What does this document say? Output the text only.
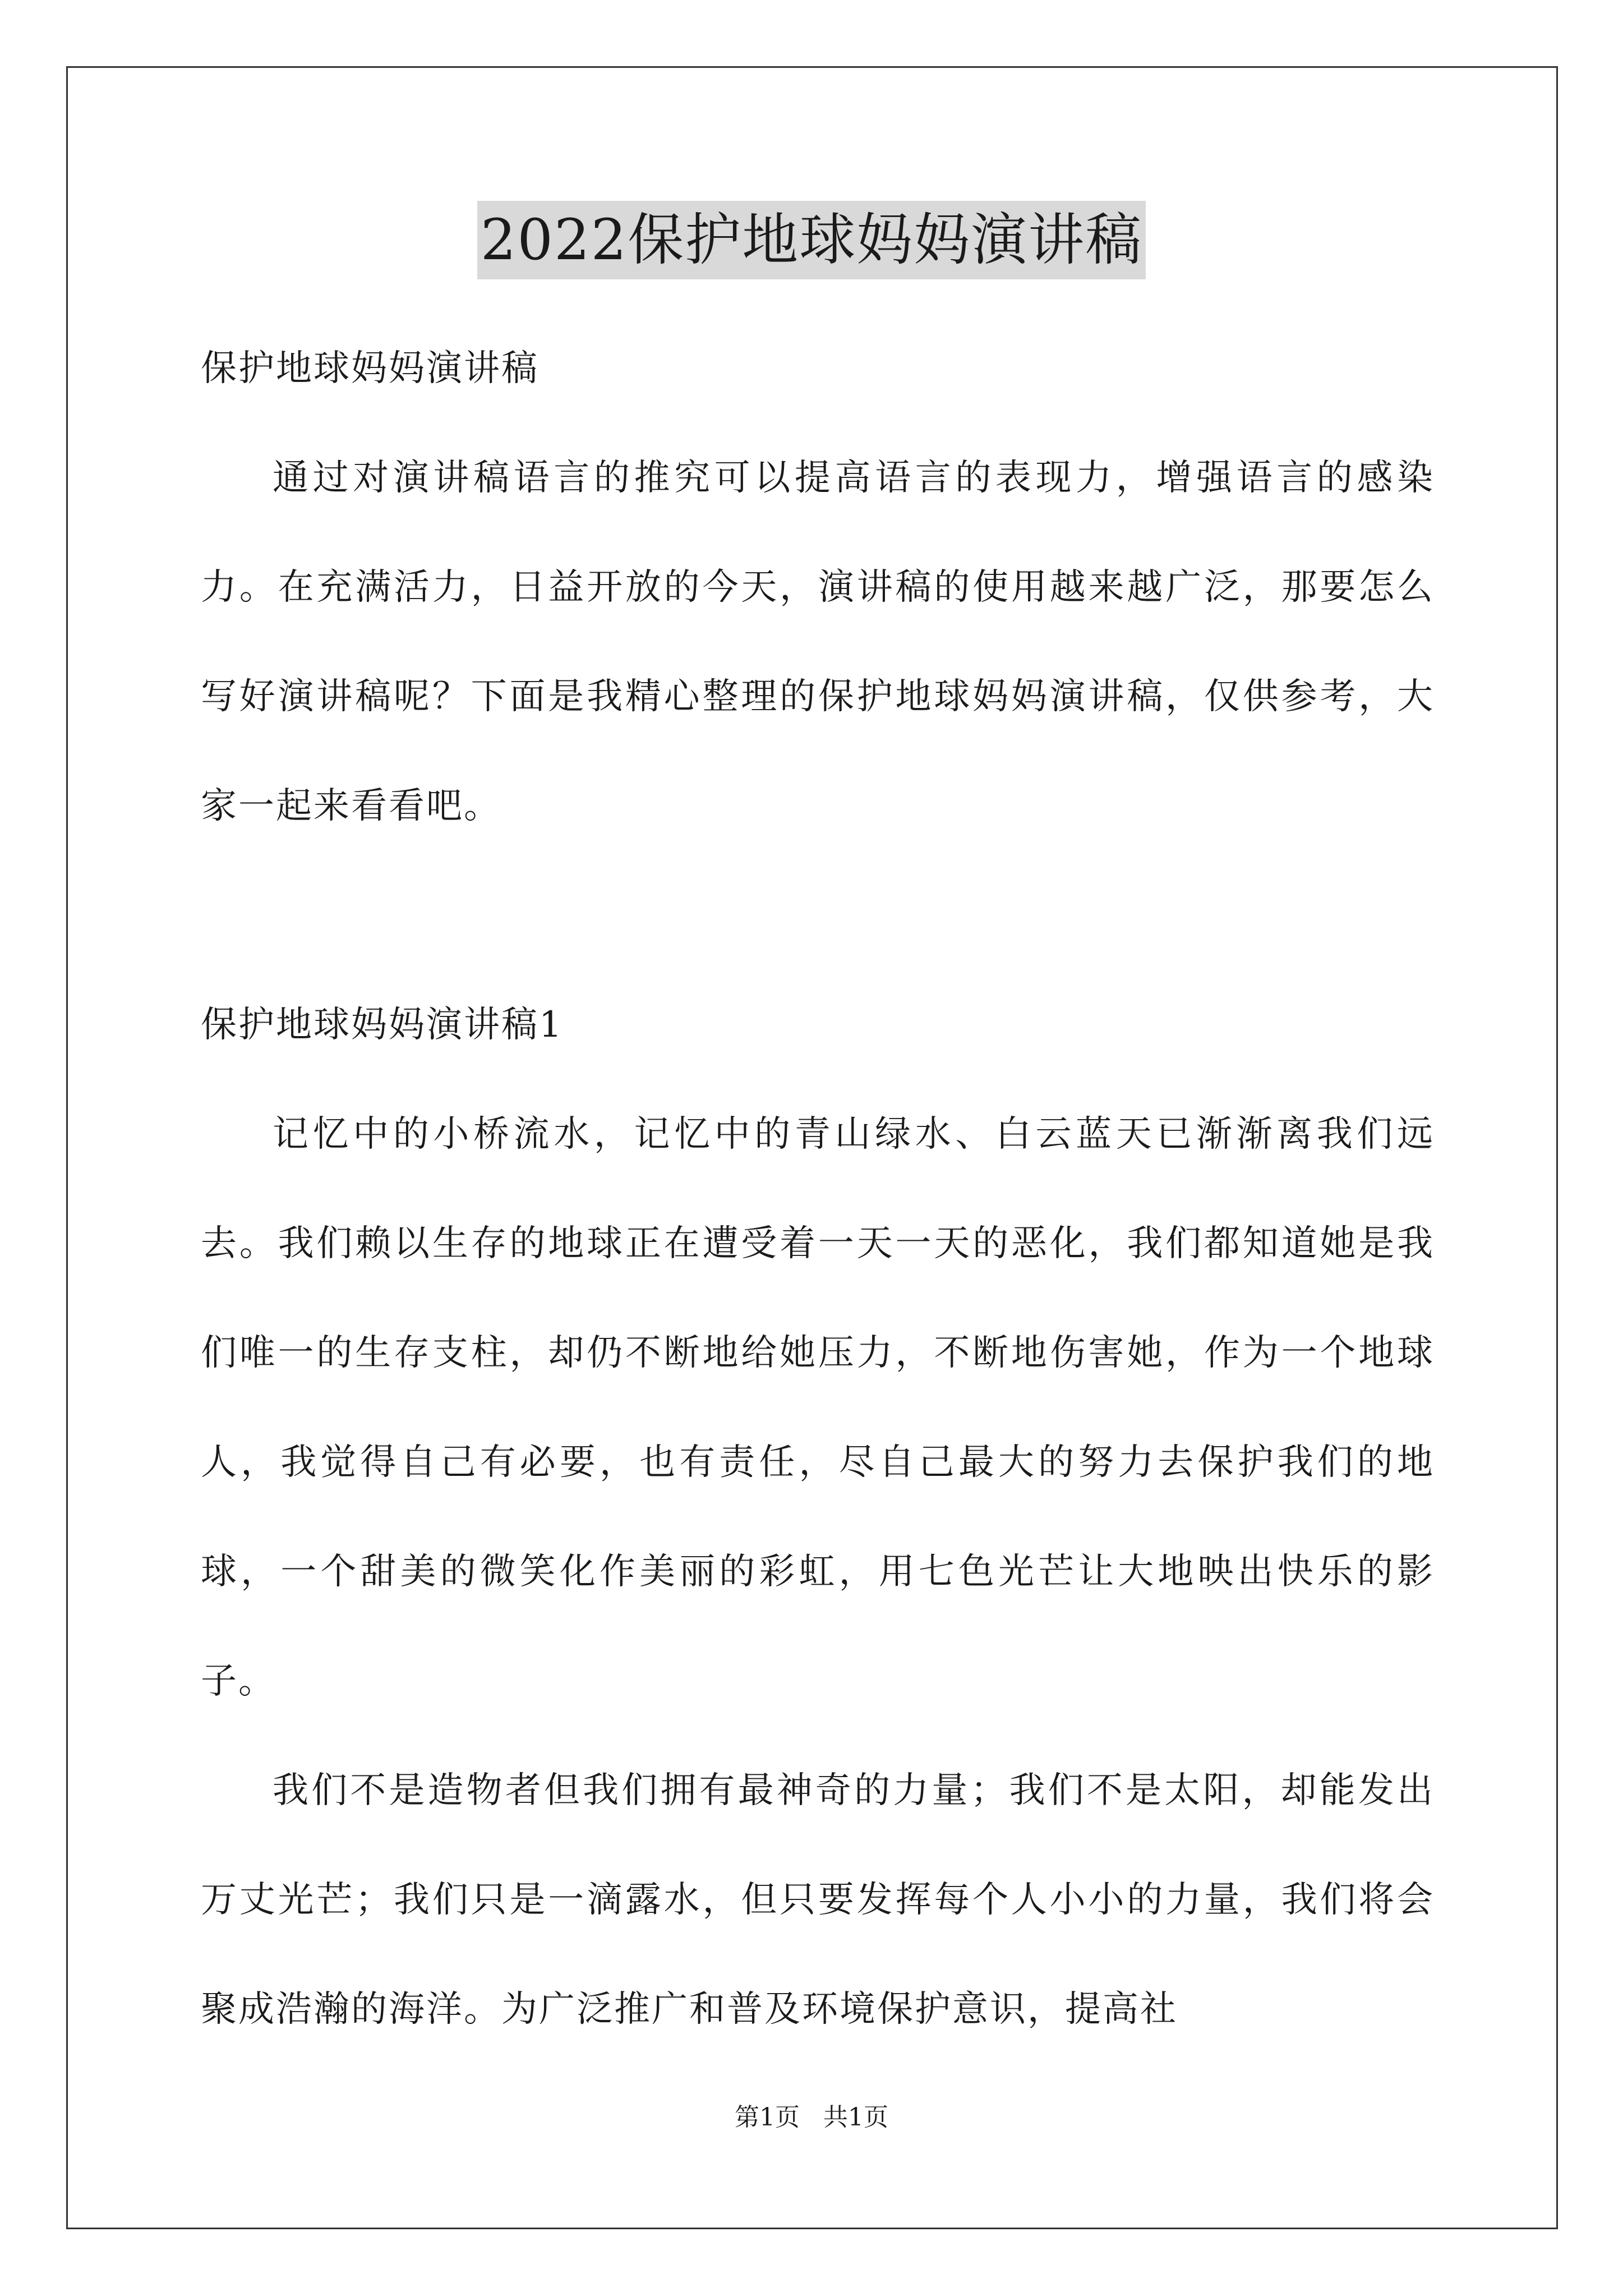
2022保护地球妈妈演讲稿

保护地球妈妈演讲稿

通过对演讲稿语言的推究可以提高语言的表现力，增强语言的感染力。在充满活力，日益开放的今天，演讲稿的使用越来越广泛，那要怎么写好演讲稿呢？下面是我精心整理的保护地球妈妈演讲稿，仅供参考，大家一起来看看吧。

保护地球妈妈演讲稿1

记忆中的小桥流水，记忆中的青山绿水、白云蓝天已渐渐离我们远去。我们赖以生存的地球正在遭受着一天一天的恶化，我们都知道她是我们唯一的生存支柱，却仍不断地给她压力，不断地伤害她，作为一个地球人，我觉得自己有必要，也有责任，尽自己最大的努力去保护我们的地球，一个甜美的微笑化作美丽的彩虹，用七色光芒让大地映出快乐的影子。

我们不是造物者但我们拥有最神奇的力量；我们不是太阳，却能发出万丈光芒；我们只是一滴露水，但只要发挥每个人小小的力量，我们将会聚成浩瀚的海洋。为广泛推广和普及环境保护意识，提高社

第1页   共1页
